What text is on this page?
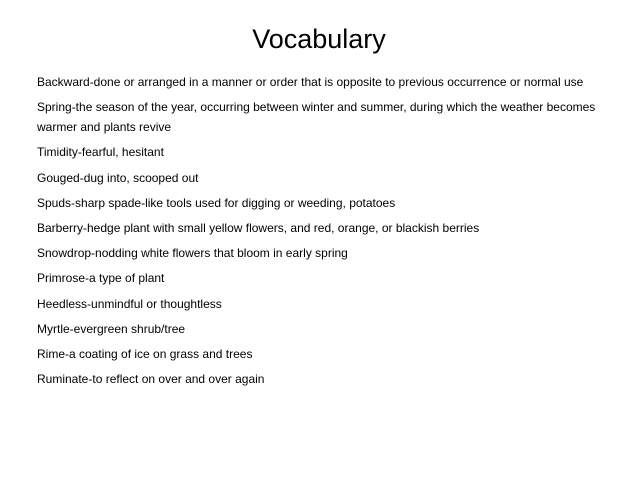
Vocabulary
Backward-done or arranged in a manner or order that is opposite to previous occurrence or normal use
Spring-the season of the year, occurring between winter and summer, during which the weather becomes warmer and plants revive
Timidity-fearful, hesitant
Gouged-dug into, scooped out
Spuds-sharp spade-like tools used for digging or weeding, potatoes
Barberry-hedge plant with small yellow flowers, and red, orange, or blackish berries
Snowdrop-nodding white flowers that bloom in early spring
Primrose-a type of plant
Heedless-unmindful or thoughtless
Myrtle-evergreen shrub/tree
Rime-a coating of ice on grass and trees
Ruminate-to reflect on over and over again
